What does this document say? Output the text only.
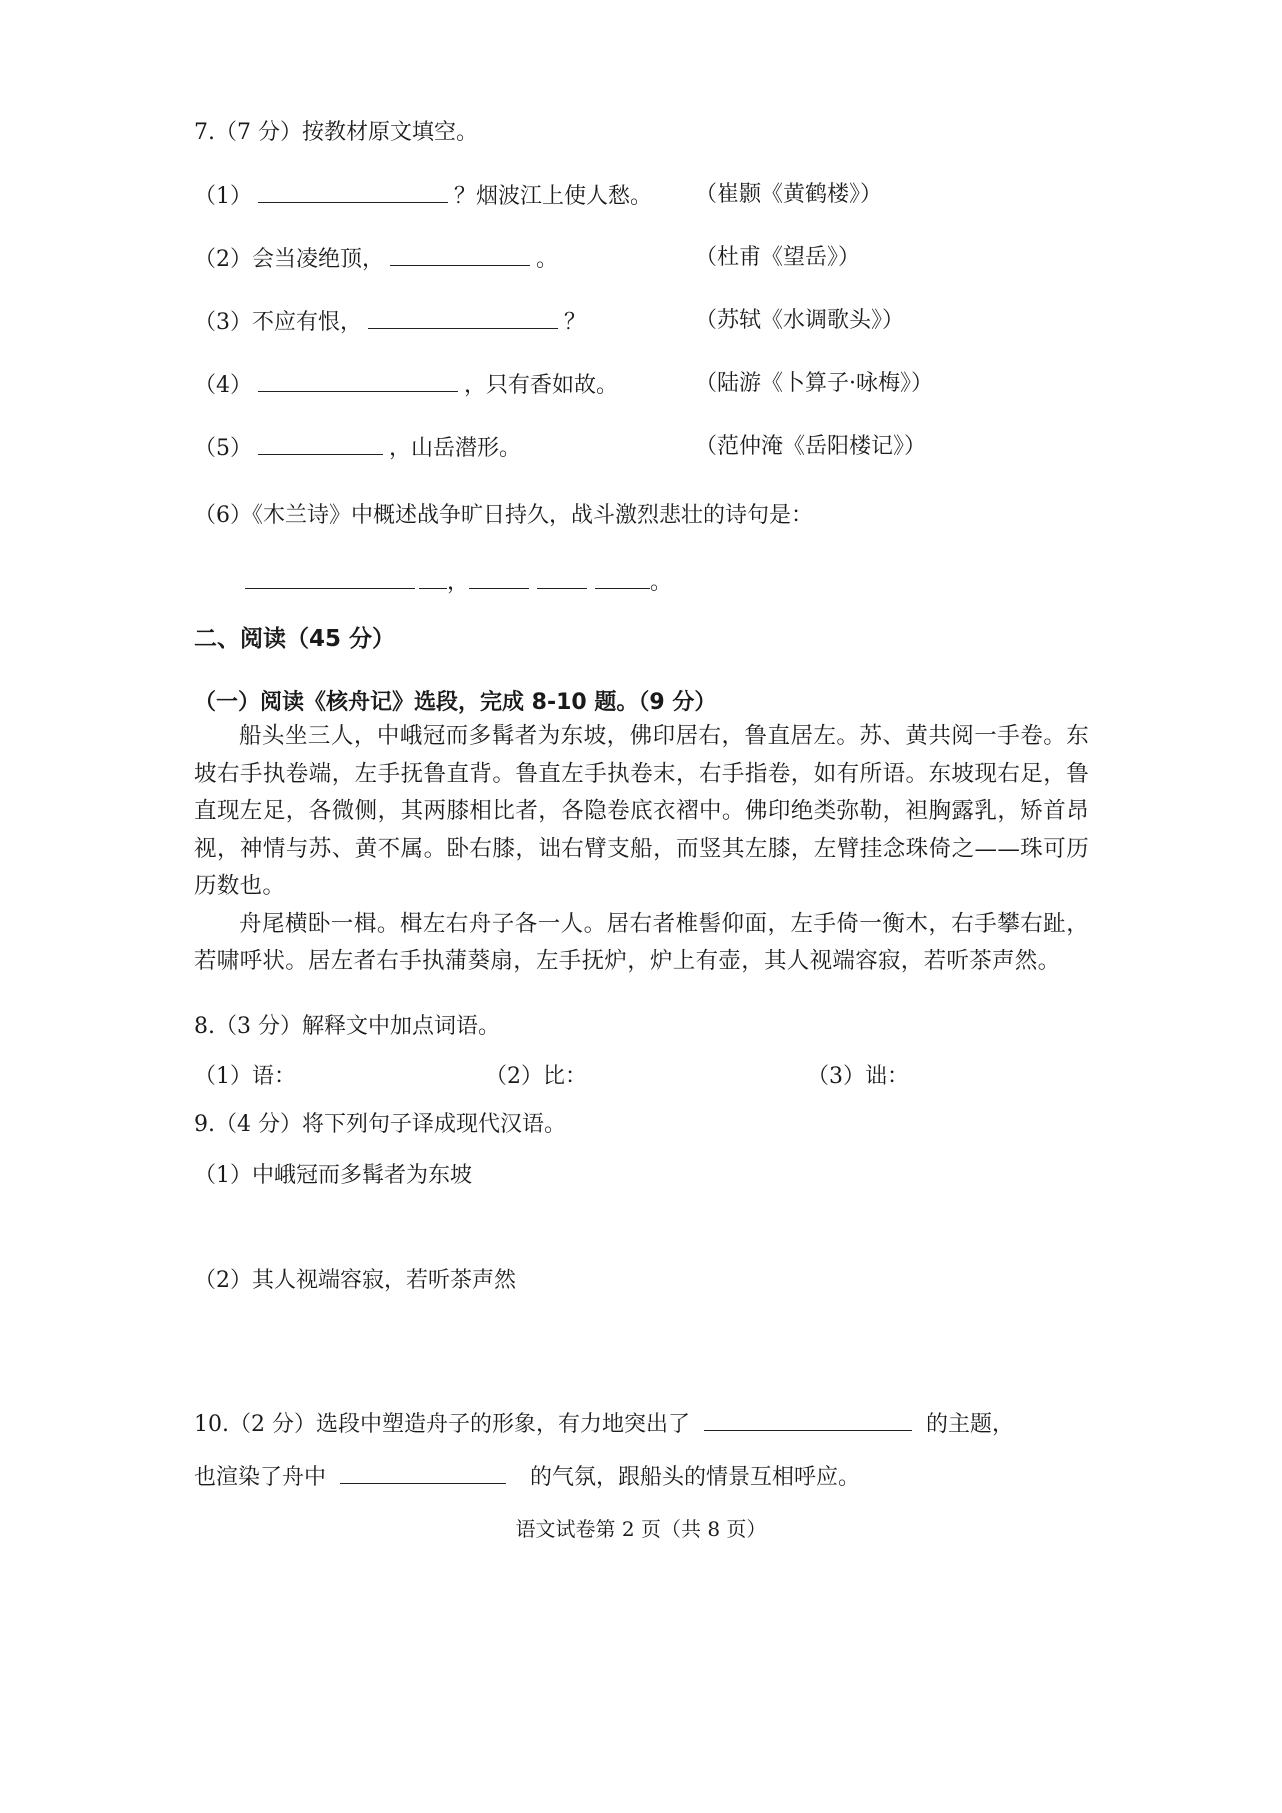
7.（7 分）按教材原文填空。
（1）	？烟波江上使人愁。 （崔颢《黄鹤楼》）
（2）会当凌绝顶，	。	（杜甫《望岳》）
（3）不应有恨，	？	（苏轼《水调歌头》）
（4）	，只有香如故。	（陆游《卜算子·咏梅》）
（5）	，山岳潜形。	（范仲淹《岳阳楼记》）
（6）《木兰诗》中概述战争旷日持久，战斗激烈悲壮的诗句是：
，	。
二、阅读（45 分）
（一）阅读《核舟记》选段，完成 8-10 题。（9 分）

船头坐三人，中峨冠而多髯者为东坡，佛印居右，鲁直居左。苏、黄共阅一手卷。东坡右手执卷端，左手抚鲁直背。鲁直左手执卷末，右手指卷，如有所语。东坡现右足，鲁直现左足，各微侧，其两膝相比者，各隐卷底衣褶中。佛印绝类弥勒，袒胸露乳，矫首昂视，神情与苏、黄不属。卧右膝，诎右臂支船，而竖其左膝，左臂挂念珠倚之——珠可历历数也。

舟尾横卧一楫。楫左右舟子各一人。居右者椎髻仰面，左手倚一衡木，右手攀右趾，若啸呼状。居左者右手执蒲葵扇，左手抚炉，炉上有壶，其人视端容寂，若听茶声然。

8.（3 分）解释文中加点词语。
（1）语：	（2）比：	（3）诎：
9.（4 分）将下列句子译成现代汉语。
（1）中峨冠而多髯者为东坡
（2）其人视端容寂，若听茶声然
10.（2 分）选段中塑造舟子的形象，有力地突出了	的主题，
也渲染了舟中	的气氛，跟船头的情景互相呼应。
语文试卷第 2 页（共 8 页）
